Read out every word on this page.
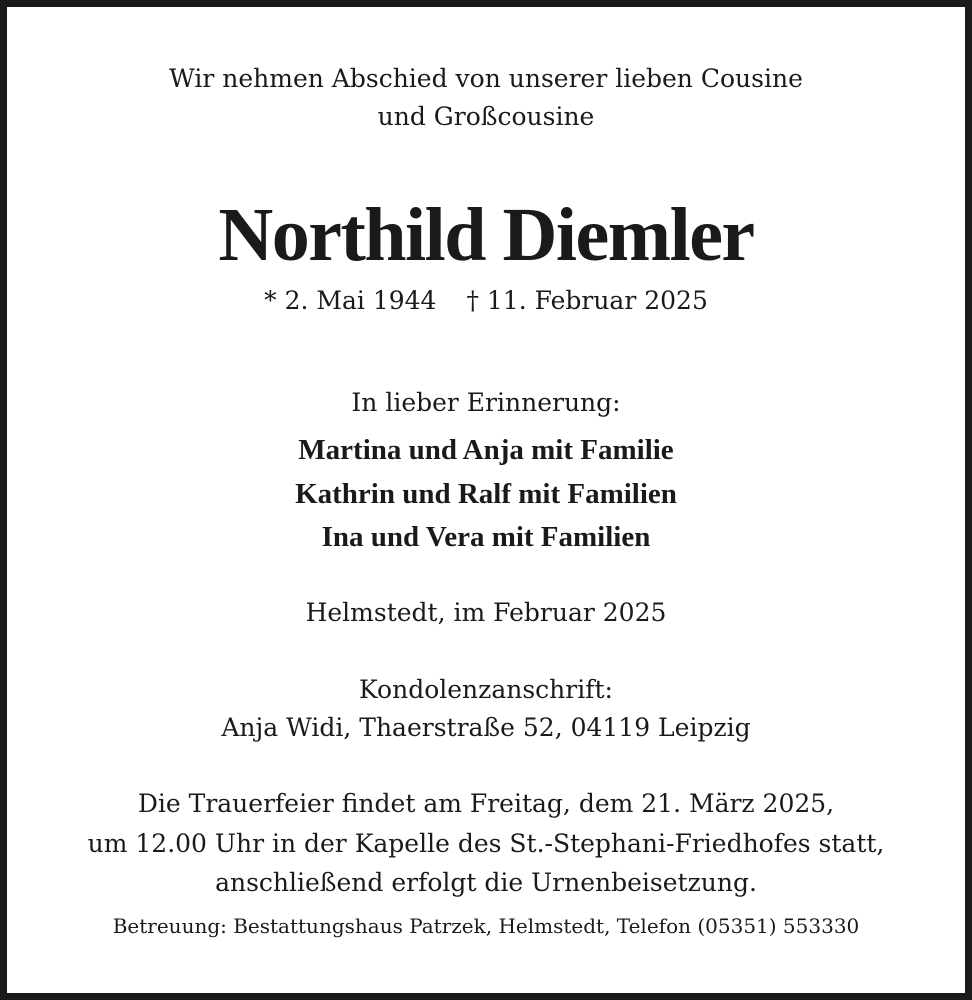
Wir nehmen Abschied von unserer lieben Cousine
und Großcousine
Northild Diemler
* 2. Mai 1944 † 11. Februar 2025
In lieber Erinnerung:
Martina und Anja mit Familie
Kathrin und Ralf mit Familien
Ina und Vera mit Familien
Helmstedt, im Februar 2025
Kondolenzanschrift:
Anja Widi, Thaerstraße 52, 04119 Leipzig
Die Trauerfeier findet am Freitag, dem 21. März 2025,
um 12.00 Uhr in der Kapelle des St.-Stephani-Friedhofes statt,
anschließend erfolgt die Urnenbeisetzung.
Betreuung: Bestattungshaus Patrzek, Helmstedt, Telefon (05351) 553330
